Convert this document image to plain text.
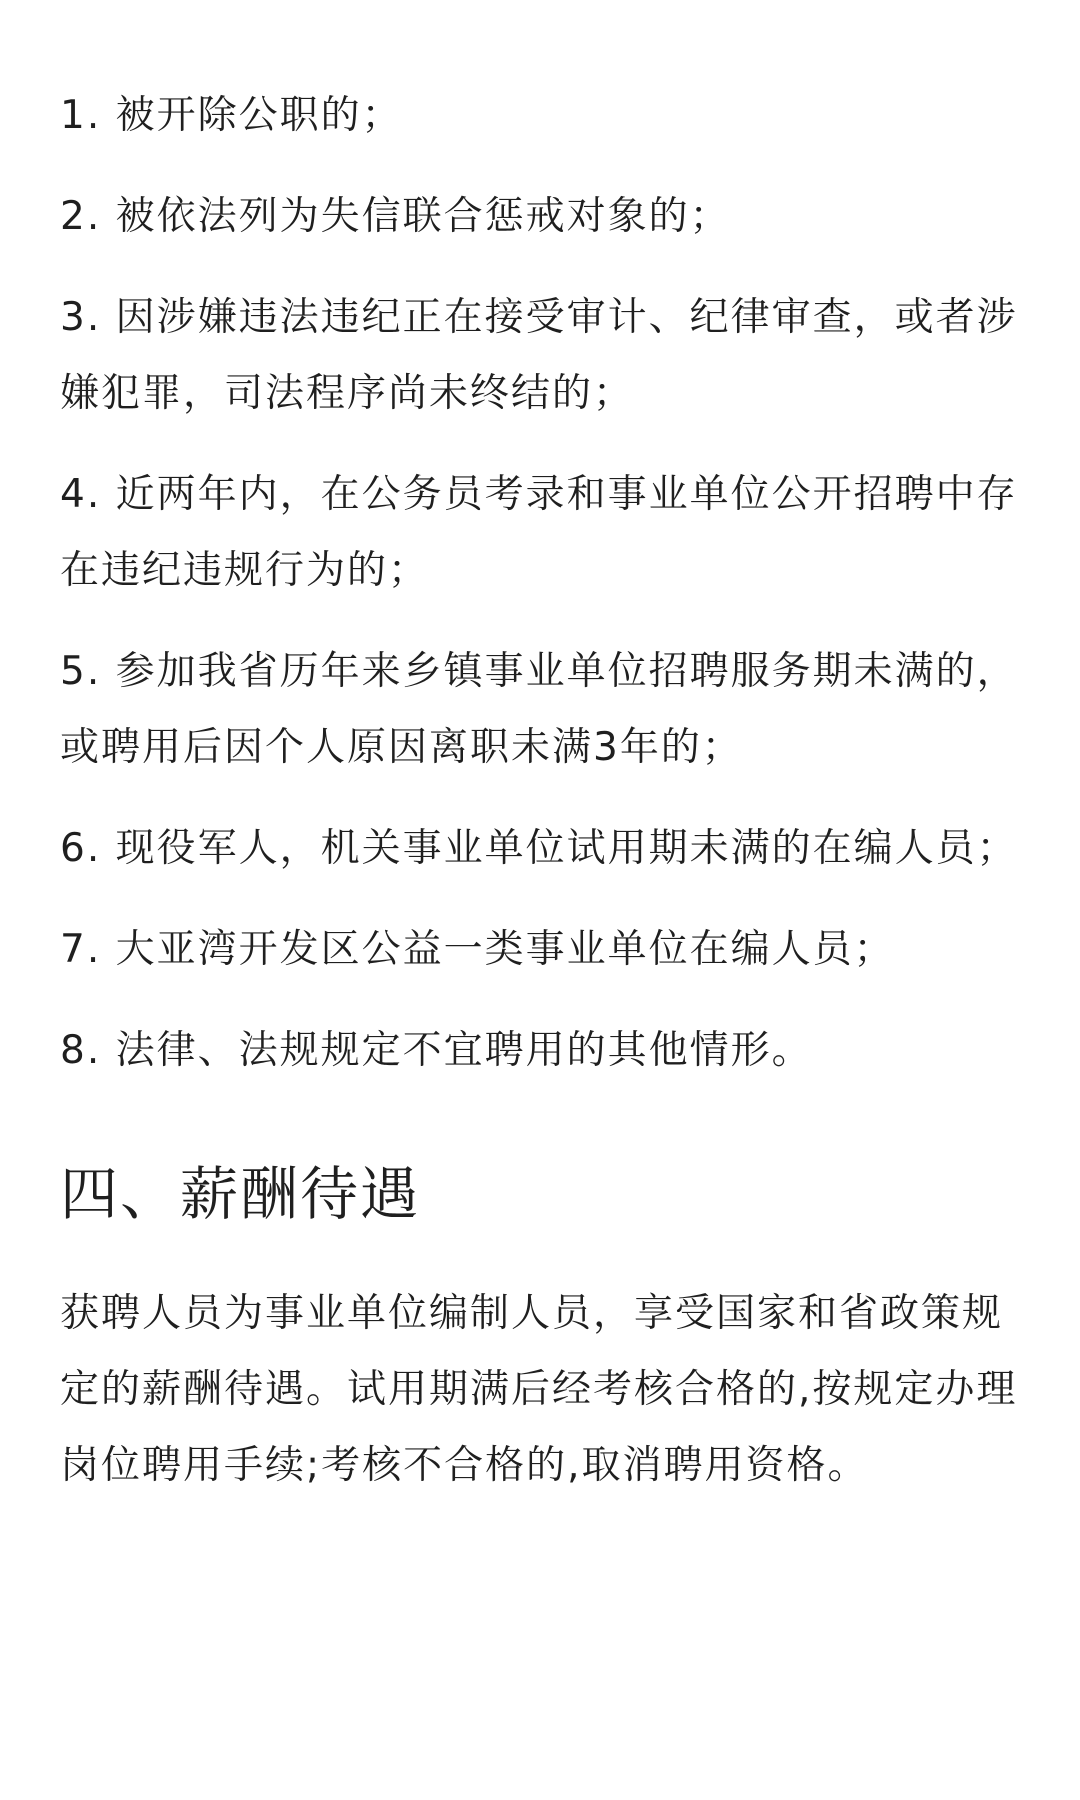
1. 被开除公职的；
2. 被依法列为失信联合惩戒对象的；
3. 因涉嫌违法违纪正在接受审计、纪律审查，或者涉嫌犯罪，司法程序尚未终结的；
4. 近两年内，在公务员考录和事业单位公开招聘中存在违纪违规行为的；
5. 参加我省历年来乡镇事业单位招聘服务期未满的，或聘用后因个人原因离职未满3年的；
6. 现役军人，机关事业单位试用期未满的在编人员；
7. 大亚湾开发区公益一类事业单位在编人员；
8. 法律、法规规定不宜聘用的其他情形。
四、薪酬待遇

获聘人员为事业单位编制人员，享受国家和省政策规定的薪酬待遇。试用期满后经考核合格的,按规定办理岗位聘用手续;考核不合格的,取消聘用资格。
